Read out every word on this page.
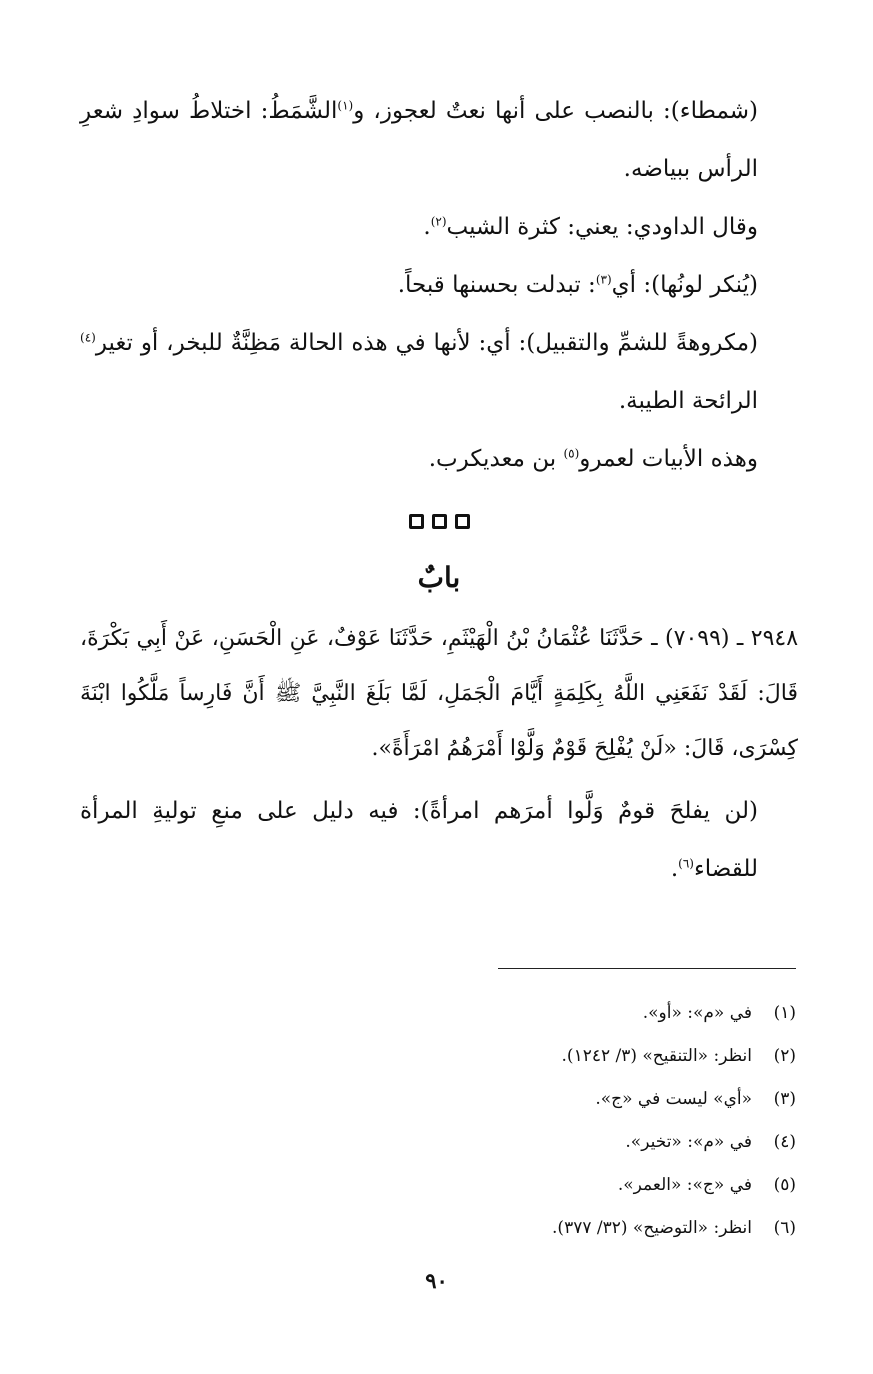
(شمطاء): بالنصب على أنها نعتٌ لعجوز، و$^{(١)}$الشَّمَطُ: اختلاطُ سوادِ شعرِ الرأس ببياضه.

وقال الداودي: يعني: كثرة الشيب$^{(٢)}$.

(يُنكر لونُها): أي$^{(٣)}$: تبدلت بحسنها قبحاً.

(مكروهةً للشمِّ والتقبيل): أي: لأنها في هذه الحالة مَظِنَّةٌ للبخر، أو تغير$^{(٤)}$ الرائحة الطيبة.

وهذه الأبيات لعمرو$^{(٥)}$ بن معديكرب.

بابٌ

٢٩٤٨ ـ (٧٠٩٩) ـ حَدَّثَنَا عُثْمَانُ بْنُ الْهَيْثَمِ، حَدَّثَنَا عَوْفٌ، عَنِ الْحَسَنِ، عَنْ أَبِي بَكْرَةَ، قَالَ: لَقَدْ نَفَعَنِي اللَّهُ بِكَلِمَةٍ أَيَّامَ الْجَمَلِ، لَمَّا بَلَغَ النَّبِيَّ ﷺ أَنَّ فَارِساً مَلَّكُوا ابْنَةَ كِسْرَى، قَالَ: «لَنْ يُفْلِحَ قَوْمٌ وَلَّوْا أَمْرَهُمُ امْرَأَةً».

(لن يفلحَ قومٌ وَلَّوا أمرَهم امرأةً): فيه دليل على منعِ توليةِ المرأة للقضاء$^{(٦)}$.

(١)
في «م»: «أو».
(٢)
انظر: «التنقيح» (٣/ ١٢٤٢).
(٣)
«أي» ليست في «ج».
(٤)
في «م»: «تخير».
(٥)
في «ج»: «العمر».
(٦)
انظر: «التوضيح» (٣٢/ ٣٧٧).
٩٠
